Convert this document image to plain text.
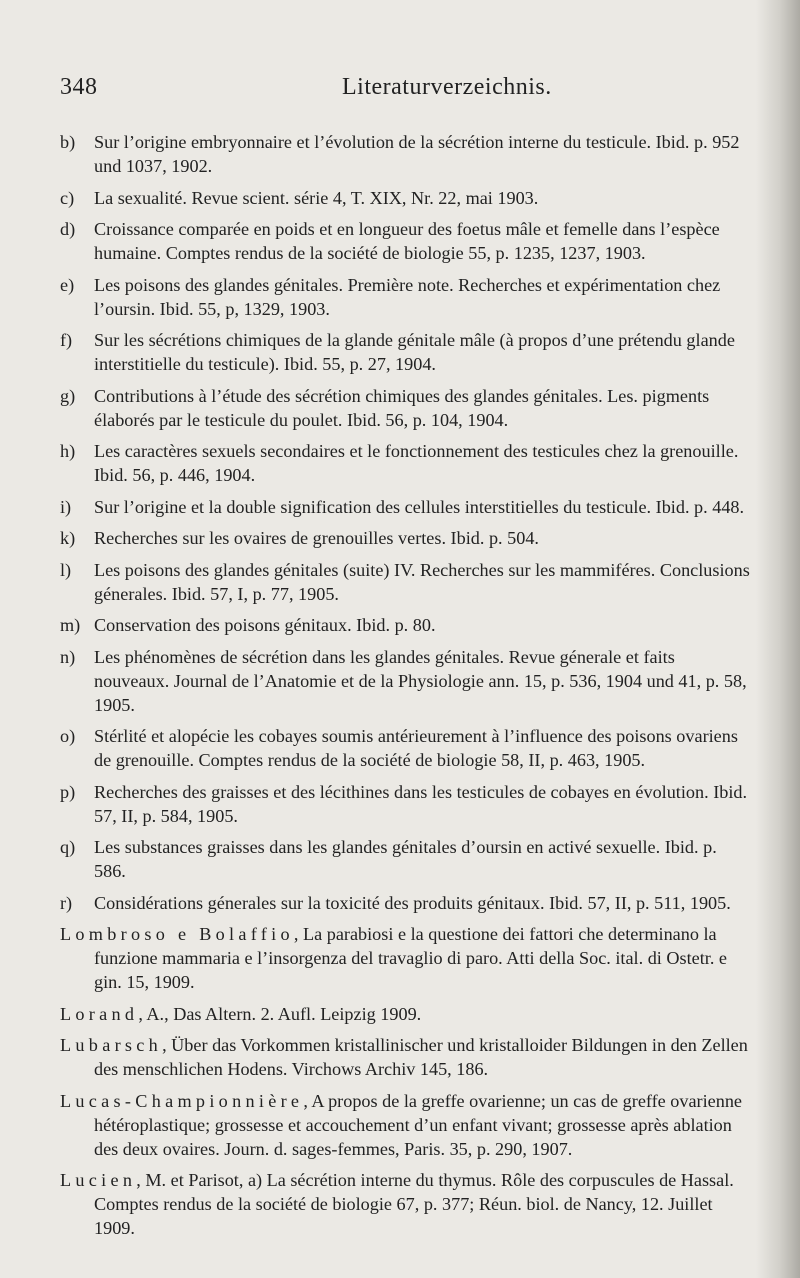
348	Literaturverzeichnis.
b) Sur l’origine embryonnaire et l’évolution de la sécrétion interne du testicule. Ibid. p. 952 und 1037, 1902.
c) La sexualité. Revue scient. série 4, T. XIX, Nr. 22, mai 1903.
d) Croissance comparée en poids et en longueur des foetus mâle et femelle dans l’espèce humaine. Comptes rendus de la société de biologie 55, p. 1235, 1237, 1903.
e) Les poisons des glandes génitales. Première note. Recherches et expérimentation chez l’oursin. Ibid. 55, p, 1329, 1903.
f) Sur les sécrétions chimiques de la glande génitale mâle (à propos d’une prétendu glande interstitielle du testicule). Ibid. 55, p. 27, 1904.
g) Contributions à l’étude des sécrétion chimiques des glandes génitales. Les. pigments élaborés par le testicule du poulet. Ibid. 56, p. 104, 1904.
h) Les caractères sexuels secondaires et le fonctionnement des testicules chez la grenouille. Ibid. 56, p. 446, 1904.
i) Sur l’origine et la double signification des cellules interstitielles du testicule. Ibid. p. 448.
k) Recherches sur les ovaires de grenouilles vertes. Ibid. p. 504.
l) Les poisons des glandes génitales (suite) IV. Recherches sur les mammiféres. Conclusions génerales. Ibid. 57, I, p. 77, 1905.
m) Conservation des poisons génitaux. Ibid. p. 80.
n) Les phénomènes de sécrétion dans les glandes génitales. Revue génerale et faits nouveaux. Journal de l’Anatomie et de la Physiologie ann. 15, p. 536, 1904 und 41, p. 58, 1905.
o) Stérlité et alopécie les cobayes soumis antérieurement à l’influence des poisons ovariens de grenouille. Comptes rendus de la société de biologie 58, II, p. 463, 1905.
p) Recherches des graisses et des lécithines dans les testicules de cobayes en évolution. Ibid. 57, II, p. 584, 1905.
q) Les substances graisses dans les glandes génitales d’oursin en activé sexuelle. Ibid. p. 586.
r) Considérations génerales sur la toxicité des produits génitaux. Ibid. 57, II, p. 511, 1905.
Lombroso e Bolaffio, La parabiosi e la questione dei fattori che determinano la funzione mammaria e l’insorgenza del travaglio di paro. Atti della Soc. ital. di Ostetr. e gin. 15, 1909.
Lorand, A., Das Altern. 2. Aufl. Leipzig 1909.
Lubarsch, Über das Vorkommen kristallinischer und kristalloider Bildungen in den Zellen des menschlichen Hodens. Virchows Archiv 145, 186.
Lucas-Championnière, A propos de la greffe ovarienne; un cas de greffe ovarienne hétéroplastique; grossesse et accouchement d’un enfant vivant; grossesse après ablation des deux ovaires. Journ. d. sages-femmes, Paris. 35, p. 290, 1907.
Lucien, M. et Parisot, a) La sécrétion interne du thymus. Rôle des corpuscules de Hassal. Comptes rendus de la société de biologie 67, p. 377; Réun. biol. de Nancy, 12. Juillet 1909.
